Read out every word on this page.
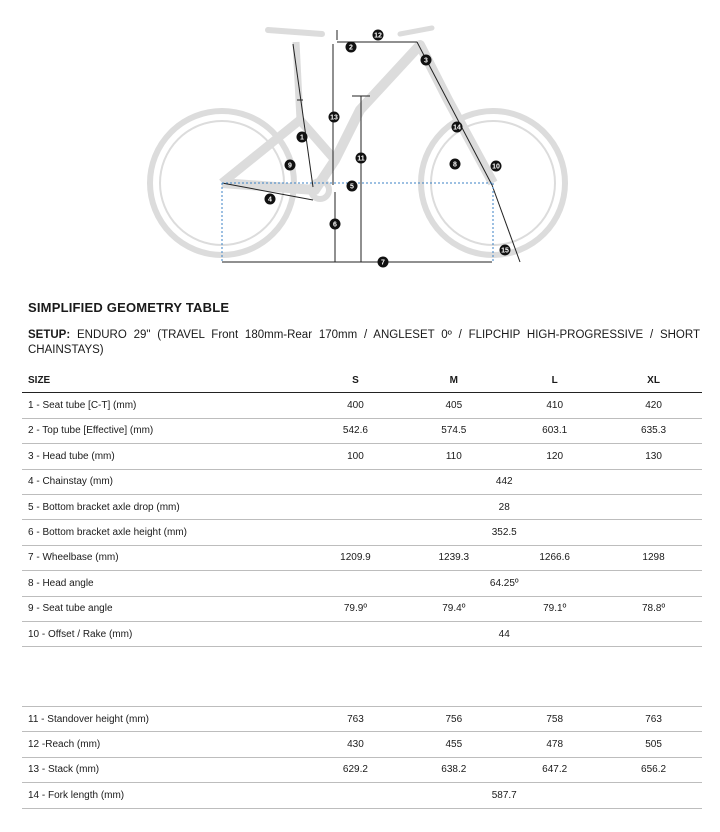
1
2
3
4
5
6
7
8
9	10
11
12
13
14
15
SIMPLIFIED GEOMETRY TABLE

SETUP: ENDURO 29" (TRAVEL Front 180mm-Rear 170mm / ANGLESET 0º / FLIPCHIP HIGH-PROGRESSIVE / SHORT CHAINSTAYS)

SIZE	S	M	L	XL
1 - Seat tube [C-T] (mm)	400	405	410	420
2 - Top tube [Effective] (mm)	542.6	574.5	603.1	635.3
3 - Head tube (mm)	100	110	120	130
4 - Chainstay (mm)		442		
5 - Bottom bracket axle drop (mm)		28		
6 - Bottom bracket axle height (mm)		352.5		
7 - Wheelbase (mm)	1209.9	1239.3	1266.6	1298
8 - Head angle		64.25º		
9 - Seat tube angle	79.9º	79.4º	79.1º	78.8º
10 - Offset / Rake (mm)		44		
11 - Standover height (mm)	763	756	758	763
12 -Reach (mm)	430	455	478	505
13 - Stack (mm)	629.2	638.2	647.2	656.2
14 - Fork length (mm)		587.7		
